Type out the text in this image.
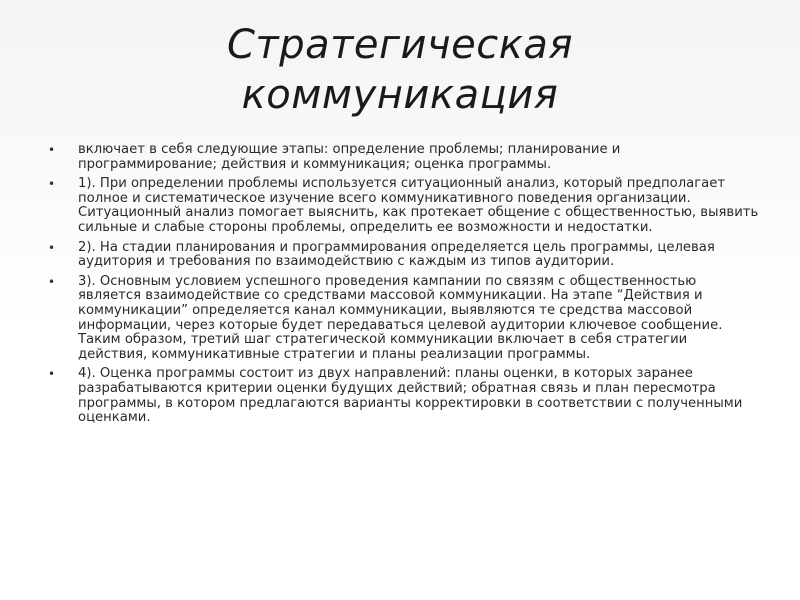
Стратегическая
коммуникация
• включает в себя следующие этапы: определение проблемы; планирование и программирование; действия и коммуникация; оценка программы.
• 1). При определении проблемы используется ситуационный анализ, который предполагает полное и систематическое изучение всего коммуникативного поведения организации. Ситуационный анализ помогает выяснить, как протекает общение с общественностью, выявить сильные и слабые стороны проблемы, определить ее возможности и недостатки.
• 2). На стадии планирования и программирования определяется цель программы, целевая аудитория и требования по взаимодействию с каждым из типов аудитории.
• 3). Основным условием успешного проведения кампании по связям с общественностью является взаимодействие со средствами массовой коммуникации. На этапе “Действия и коммуникации” определяется канал коммуникации, выявляются те средства массовой информации, через которые будет передаваться целевой аудитории ключевое сообщение. Таким образом, третий шаг стратегической коммуникации включает в себя стратегии действия, коммуникативные стратегии и планы реализации программы.
• 4). Оценка программы состоит из двух направлений: планы оценки, в которых заранее разрабатываются критерии оценки будущих действий; обратная связь и план пересмотра программы, в котором предлагаются варианты корректировки в соответствии с полученными оценками.
